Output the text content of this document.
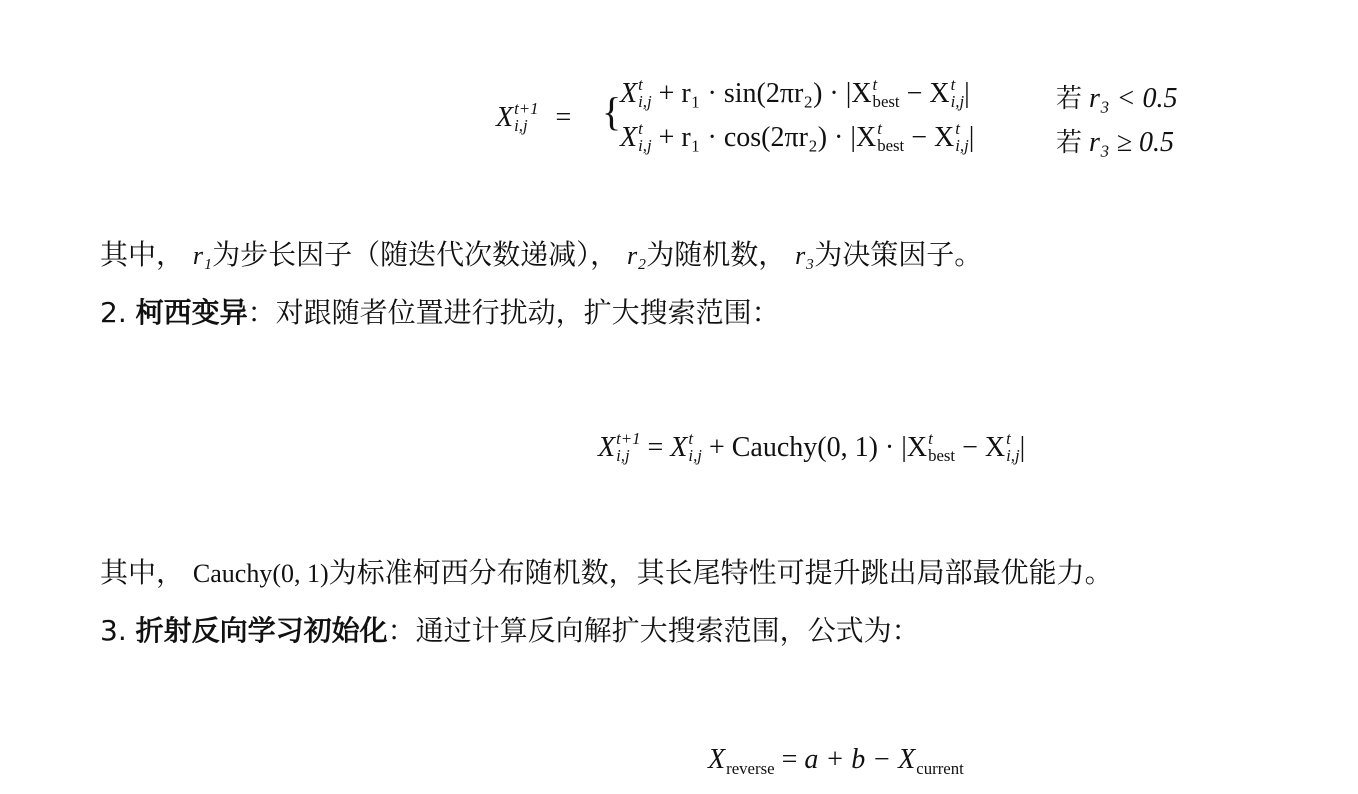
X t+1
i,j = {
X t
i,j + r₁ · sin(2πr₂) · |X t
best − X t
i,j |	若 r₃ < 0.5
X t
i,j + r₁ · cos(2πr₂) · |X t
best − X t
i,j |	若 r₃ ≥ 0.5
其中， r₁为步长因子（随迭代次数递减）， r₂为随机数， r₃为决策因子。
2. 柯西变异：对跟随者位置进行扰动，扩大搜索范围：
X t+1
i,j = X t
i,j + Cauchy(0, 1) · |X t
best − X t
i,j |
其中， Cauchy(0, 1)为标准柯西分布随机数，其长尾特性可提升跳出局部最优能力。
3. 折射反向学习初始化：通过计算反向解扩大搜索范围，公式为：
X reverse = a + b − X current
